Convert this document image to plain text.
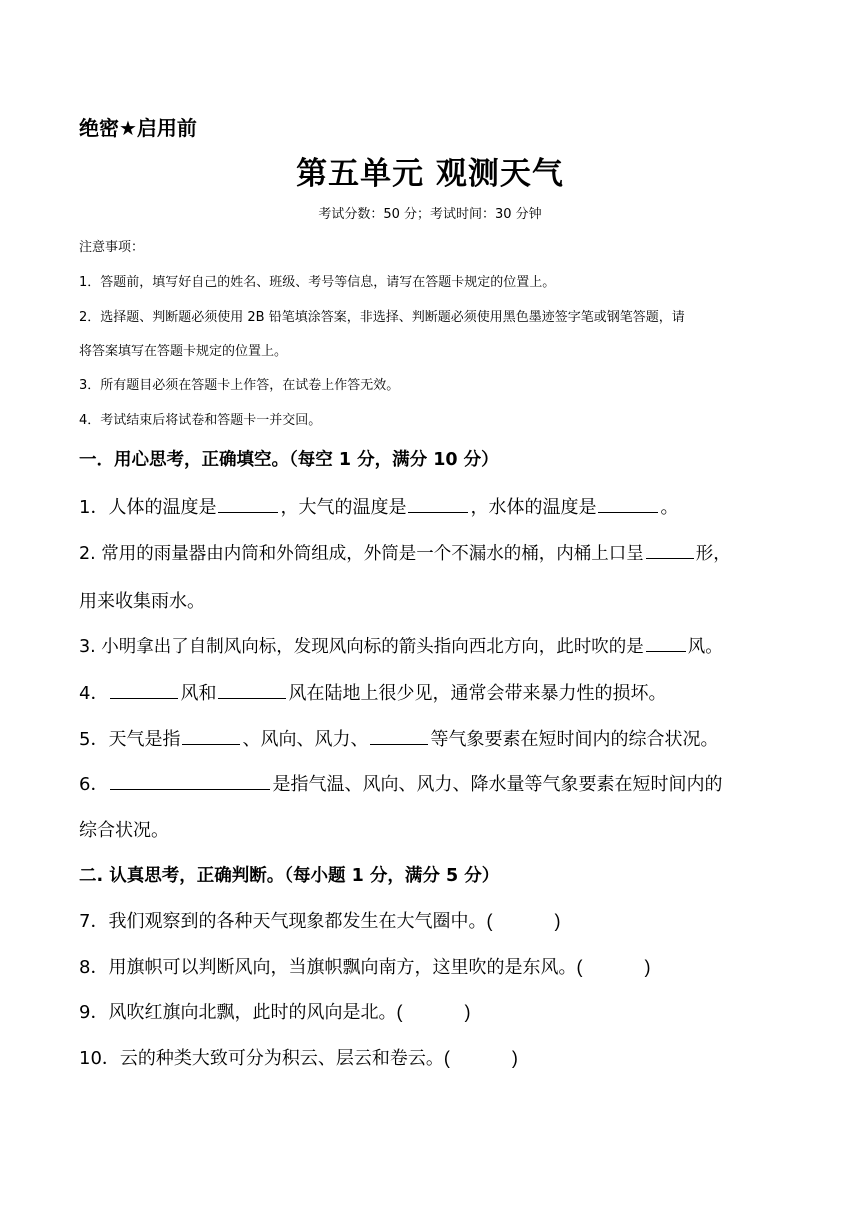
绝密★启用前
第五单元 观测天气
考试分数：50 分；考试时间：30 分钟
注意事项：
1．答题前，填写好自己的姓名、班级、考号等信息，请写在答题卡规定的位置上。
2．选择题、判断题必须使用 2B 铅笔填涂答案，非选择、判断题必须使用黑色墨迹签字笔或钢笔答题，请
将答案填写在答题卡规定的位置上。
3．所有题目必须在答题卡上作答，在试卷上作答无效。
4．考试结束后将试卷和答题卡一并交回。
一．用心思考，正确填空。（每空 1 分，满分 10 分）
1．人体的温度是	，大气的温度是	，水体的温度是	。
2. 常用的雨量器由内筒和外筒组成，外筒是一个不漏水的桶，内桶上口呈	形，
用来收集雨水。
3. 小明拿出了自制风向标，发现风向标的箭头指向西北方向，此时吹的是	风。
4．	风和	风在陆地上很少见，通常会带来暴力性的损坏。
5．天气是指	、风向、风力、	等气象要素在短时间内的综合状况。
6．	是指气温、风向、风力、降水量等气象要素在短时间内的
综合状况。
二. 认真思考，正确判断。（每小题 1 分，满分 5 分）
7．我们观察到的各种天气现象都发生在大气圈中。(	)
8．用旗帜可以判断风向，当旗帜飘向南方，这里吹的是东风。(	)
9．风吹红旗向北飘，此时的风向是北。(	)
10．云的种类大致可分为积云、层云和卷云。(	)
